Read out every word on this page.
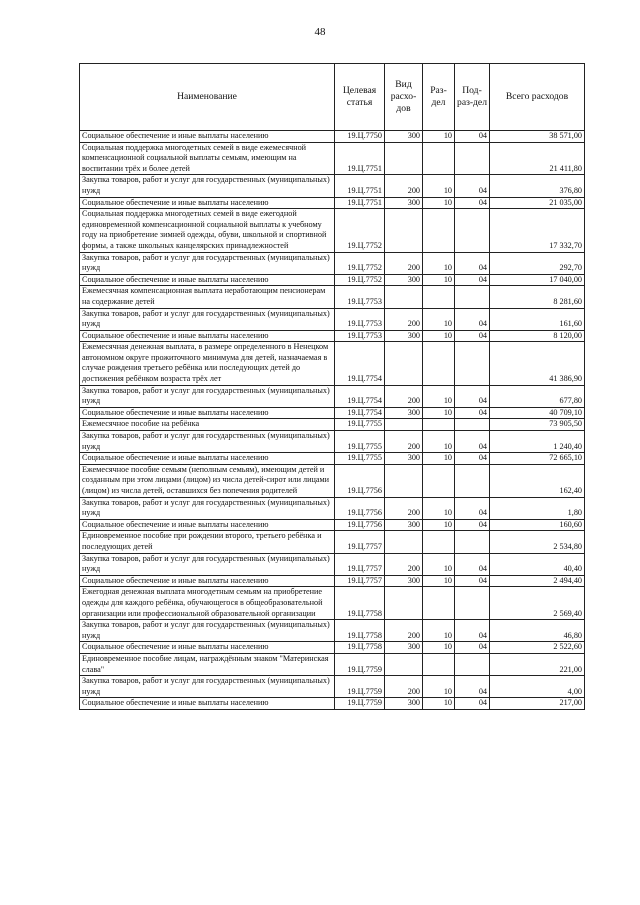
48
Наименование	Целевая статья	Вид расхо-дов	Раз-дел	Под-раз-дел	Всего расходов
Социальное обеспечение и иные выплаты населению	19.Ц.7750	300	10	04	38 571,00
Социальная поддержка многодетных семей в виде ежемесячной компенсационной социальной выплаты семьям, имеющим на воспитании трёх и более детей	19.Ц.7751				21 411,80
Закупка товаров, работ и услуг для государственных (муниципальных) нужд	19.Ц.7751	200	10	04	376,80
Социальное обеспечение и иные выплаты населению	19.Ц.7751	300	10	04	21 035,00
Социальная поддержка многодетных семей в виде ежегодной единовременной компенсационной социальной выплаты к учебному году на приобретение зимней одежды, обуви, школьной и спортивной формы, а также школьных канцелярских принадлежностей	19.Ц.7752				17 332,70
Закупка товаров, работ и услуг для государственных (муниципальных) нужд	19.Ц.7752	200	10	04	292,70
Социальное обеспечение и иные выплаты населению	19.Ц.7752	300	10	04	17 040,00
Ежемесячная компенсационная выплата неработающим пенсионерам на содержание детей	19.Ц.7753				8 281,60
Закупка товаров, работ и услуг для государственных (муниципальных) нужд	19.Ц.7753	200	10	04	161,60
Социальное обеспечение и иные выплаты населению	19.Ц.7753	300	10	04	8 120,00
Ежемесячная денежная выплата, в размере определенного в Ненецком автономном округе прожиточного минимума для детей, назначаемая в случае рождения третьего ребёнка или последующих детей до достижения ребёнком возраста трёх лет	19.Ц.7754				41 386,90
Закупка товаров, работ и услуг для государственных (муниципальных) нужд	19.Ц.7754	200	10	04	677,80
Социальное обеспечение и иные выплаты населению	19.Ц.7754	300	10	04	40 709,10
Ежемесячное пособие на ребёнка	19.Ц.7755				73 905,50
Закупка товаров, работ и услуг для государственных (муниципальных) нужд	19.Ц.7755	200	10	04	1 240,40
Социальное обеспечение и иные выплаты населению	19.Ц.7755	300	10	04	72 665,10
Ежемесячное пособие семьям (неполным семьям), имеющим детей и созданным при этом лицами (лицом) из числа детей-сирот или лицами (лицом) из числа детей, оставшихся без попечения родителей	19.Ц.7756				162,40
Закупка товаров, работ и услуг для государственных (муниципальных) нужд	19.Ц.7756	200	10	04	1,80
Социальное обеспечение и иные выплаты населению	19.Ц.7756	300	10	04	160,60
Единовременное пособие при рождении второго, третьего ребёнка и последующих детей	19.Ц.7757				2 534,80
Закупка товаров, работ и услуг для государственных (муниципальных) нужд	19.Ц.7757	200	10	04	40,40
Социальное обеспечение и иные выплаты населению	19.Ц.7757	300	10	04	2 494,40
Ежегодная денежная выплата многодетным семьям на приобретение одежды для каждого ребёнка, обучающегося в общеобразовательной организации или профессиональной образовательной организации	19.Ц.7758				2 569,40
Закупка товаров, работ и услуг для государственных (муниципальных) нужд	19.Ц.7758	200	10	04	46,80
Социальное обеспечение и иные выплаты населению	19.Ц.7758	300	10	04	2 522,60
Единовременное пособие лицам, награждённым знаком "Материнская слава"	19.Ц.7759				221,00
Закупка товаров, работ и услуг для государственных (муниципальных) нужд	19.Ц.7759	200	10	04	4,00
Социальное обеспечение и иные выплаты населению	19.Ц.7759	300	10	04	217,00
